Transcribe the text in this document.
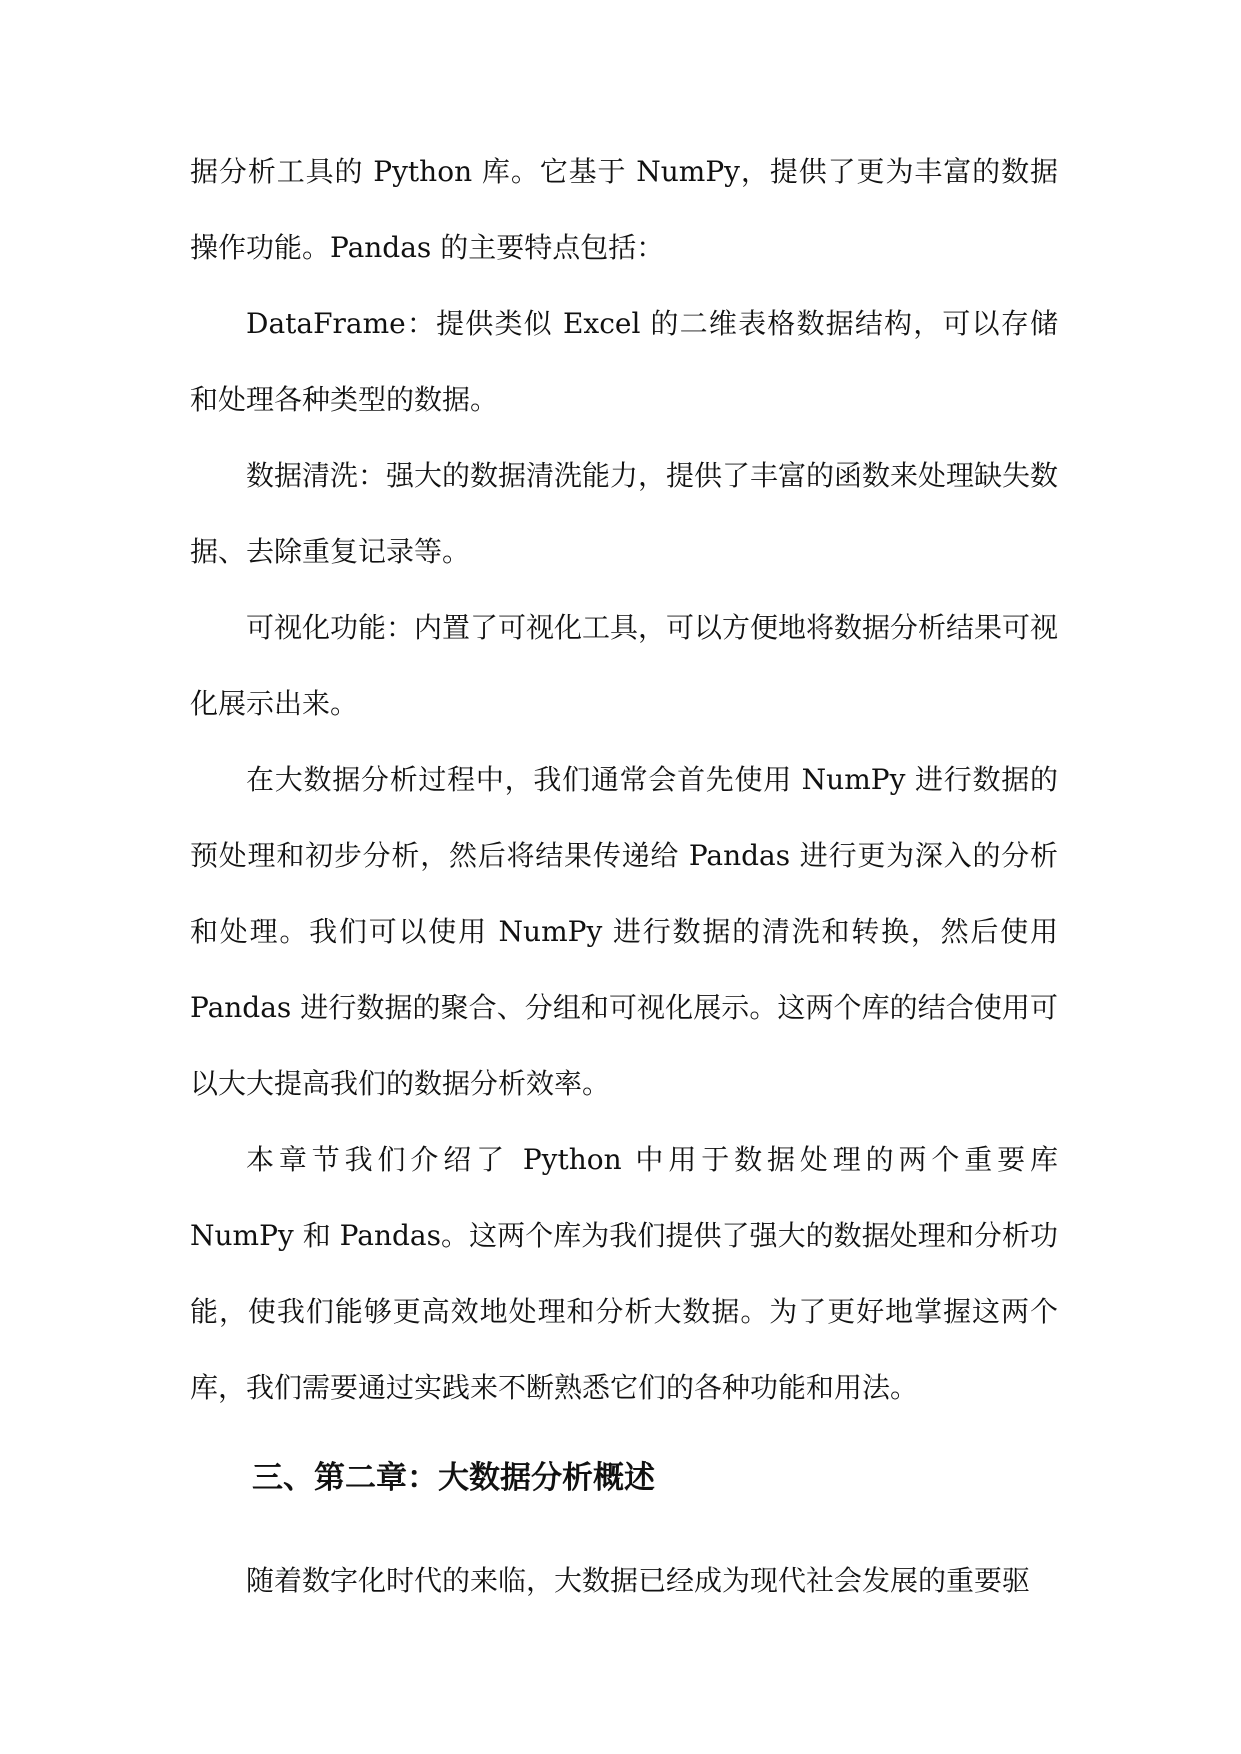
据分析工具的 Python 库。它基于 NumPy，提供了更为丰富的数据操作功能。Pandas 的主要特点包括：

DataFrame：提供类似 Excel 的二维表格数据结构，可以存储和处理各种类型的数据。

数据清洗：强大的数据清洗能力，提供了丰富的函数来处理缺失数据、去除重复记录等。

可视化功能：内置了可视化工具，可以方便地将数据分析结果可视化展示出来。

在大数据分析过程中，我们通常会首先使用 NumPy 进行数据的预处理和初步分析，然后将结果传递给 Pandas 进行更为深入的分析和处理。我们可以使用 NumPy 进行数据的清洗和转换，然后使用 Pandas 进行数据的聚合、分组和可视化展示。这两个库的结合使用可以大大提高我们的数据分析效率。

本章节我们介绍了 Python 中用于数据处理的两个重要库 NumPy 和 Pandas。这两个库为我们提供了强大的数据处理和分析功能，使我们能够更高效地处理和分析大数据。为了更好地掌握这两个库，我们需要通过实践来不断熟悉它们的各种功能和用法。

三、第二章：大数据分析概述

随着数字化时代的来临，大数据已经成为现代社会发展的重要驱
